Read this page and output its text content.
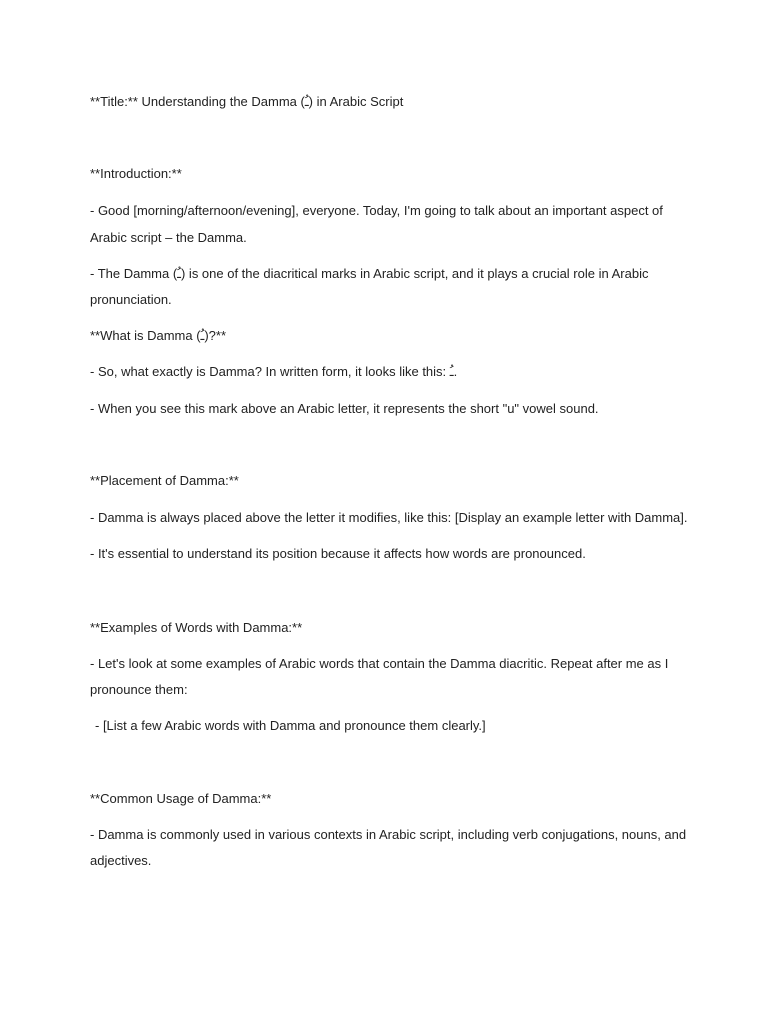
**Title:** Understanding the Damma (ـُ) in Arabic Script
**Introduction:**
- Good [morning/afternoon/evening], everyone. Today, I'm going to talk about an important aspect of
Arabic script – the Damma.
- The Damma (ـُ) is one of the diacritical marks in Arabic script, and it plays a crucial role in Arabic
pronunciation.
**What is Damma (ـُ)?**
- So, what exactly is Damma? In written form, it looks like this: ـُ.
- When you see this mark above an Arabic letter, it represents the short "u" vowel sound.
**Placement of Damma:**
- Damma is always placed above the letter it modifies, like this: [Display an example letter with Damma].
- It's essential to understand its position because it affects how words are pronounced.
**Examples of Words with Damma:**
- Let's look at some examples of Arabic words that contain the Damma diacritic. Repeat after me as I
pronounce them:
- [List a few Arabic words with Damma and pronounce them clearly.]
**Common Usage of Damma:**
- Damma is commonly used in various contexts in Arabic script, including verb conjugations, nouns, and
adjectives.
